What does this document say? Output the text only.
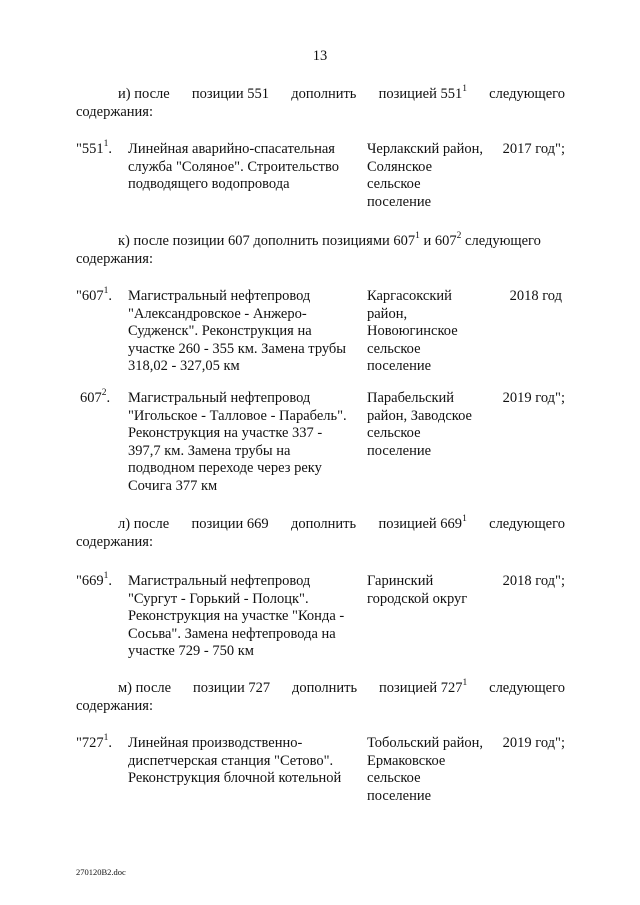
13
и) после позиции 551 дополнить позицией $551^1$ следующего
содержания:
"$551^1$. Линейная аварийно-спасательная
служба "Соляное". Строительство
подводящего водопровода
Черлакский район,
Солянское
сельское
поселение
2017 год";
к) после позиции 607 дополнить позициями $607^1$ и $607^2$ следующего
содержания:
"$607^1$. Магистральный нефтепровод
"Александровское - Анжеро-
Судженск". Реконструкция на
участке 260 - 355 км. Замена трубы
318,02 - 327,05 км
Каргасокский
район,
Новоюгинское
сельское
поселение
2018 год
$607^2$. Магистральный нефтепровод
"Игольское - Талловое - Парабель".
Реконструкция на участке 337 -
397,7 км. Замена трубы на
подводном переходе через реку
Сочига 377 км
Парабельский
район, Заводское
сельское
поселение
2019 год";
л) после позиции 669 дополнить позицией $669^1$ следующего
содержания:
"$669^1$. Магистральный нефтепровод
"Сургут - Горький - Полоцк".
Реконструкция на участке "Конда -
Сосьва". Замена нефтепровода на
участке 729 - 750 км
Гаринский
городской округ
2018 год";
м) после позиции 727 дополнить позицией $727^1$ следующего
содержания:
"$727^1$. Линейная производственно-
диспетчерская станция "Сетово".
Реконструкция блочной котельной
Тобольский район,
Ермаковское
сельское
поселение
2019 год";
270120B2.doc
